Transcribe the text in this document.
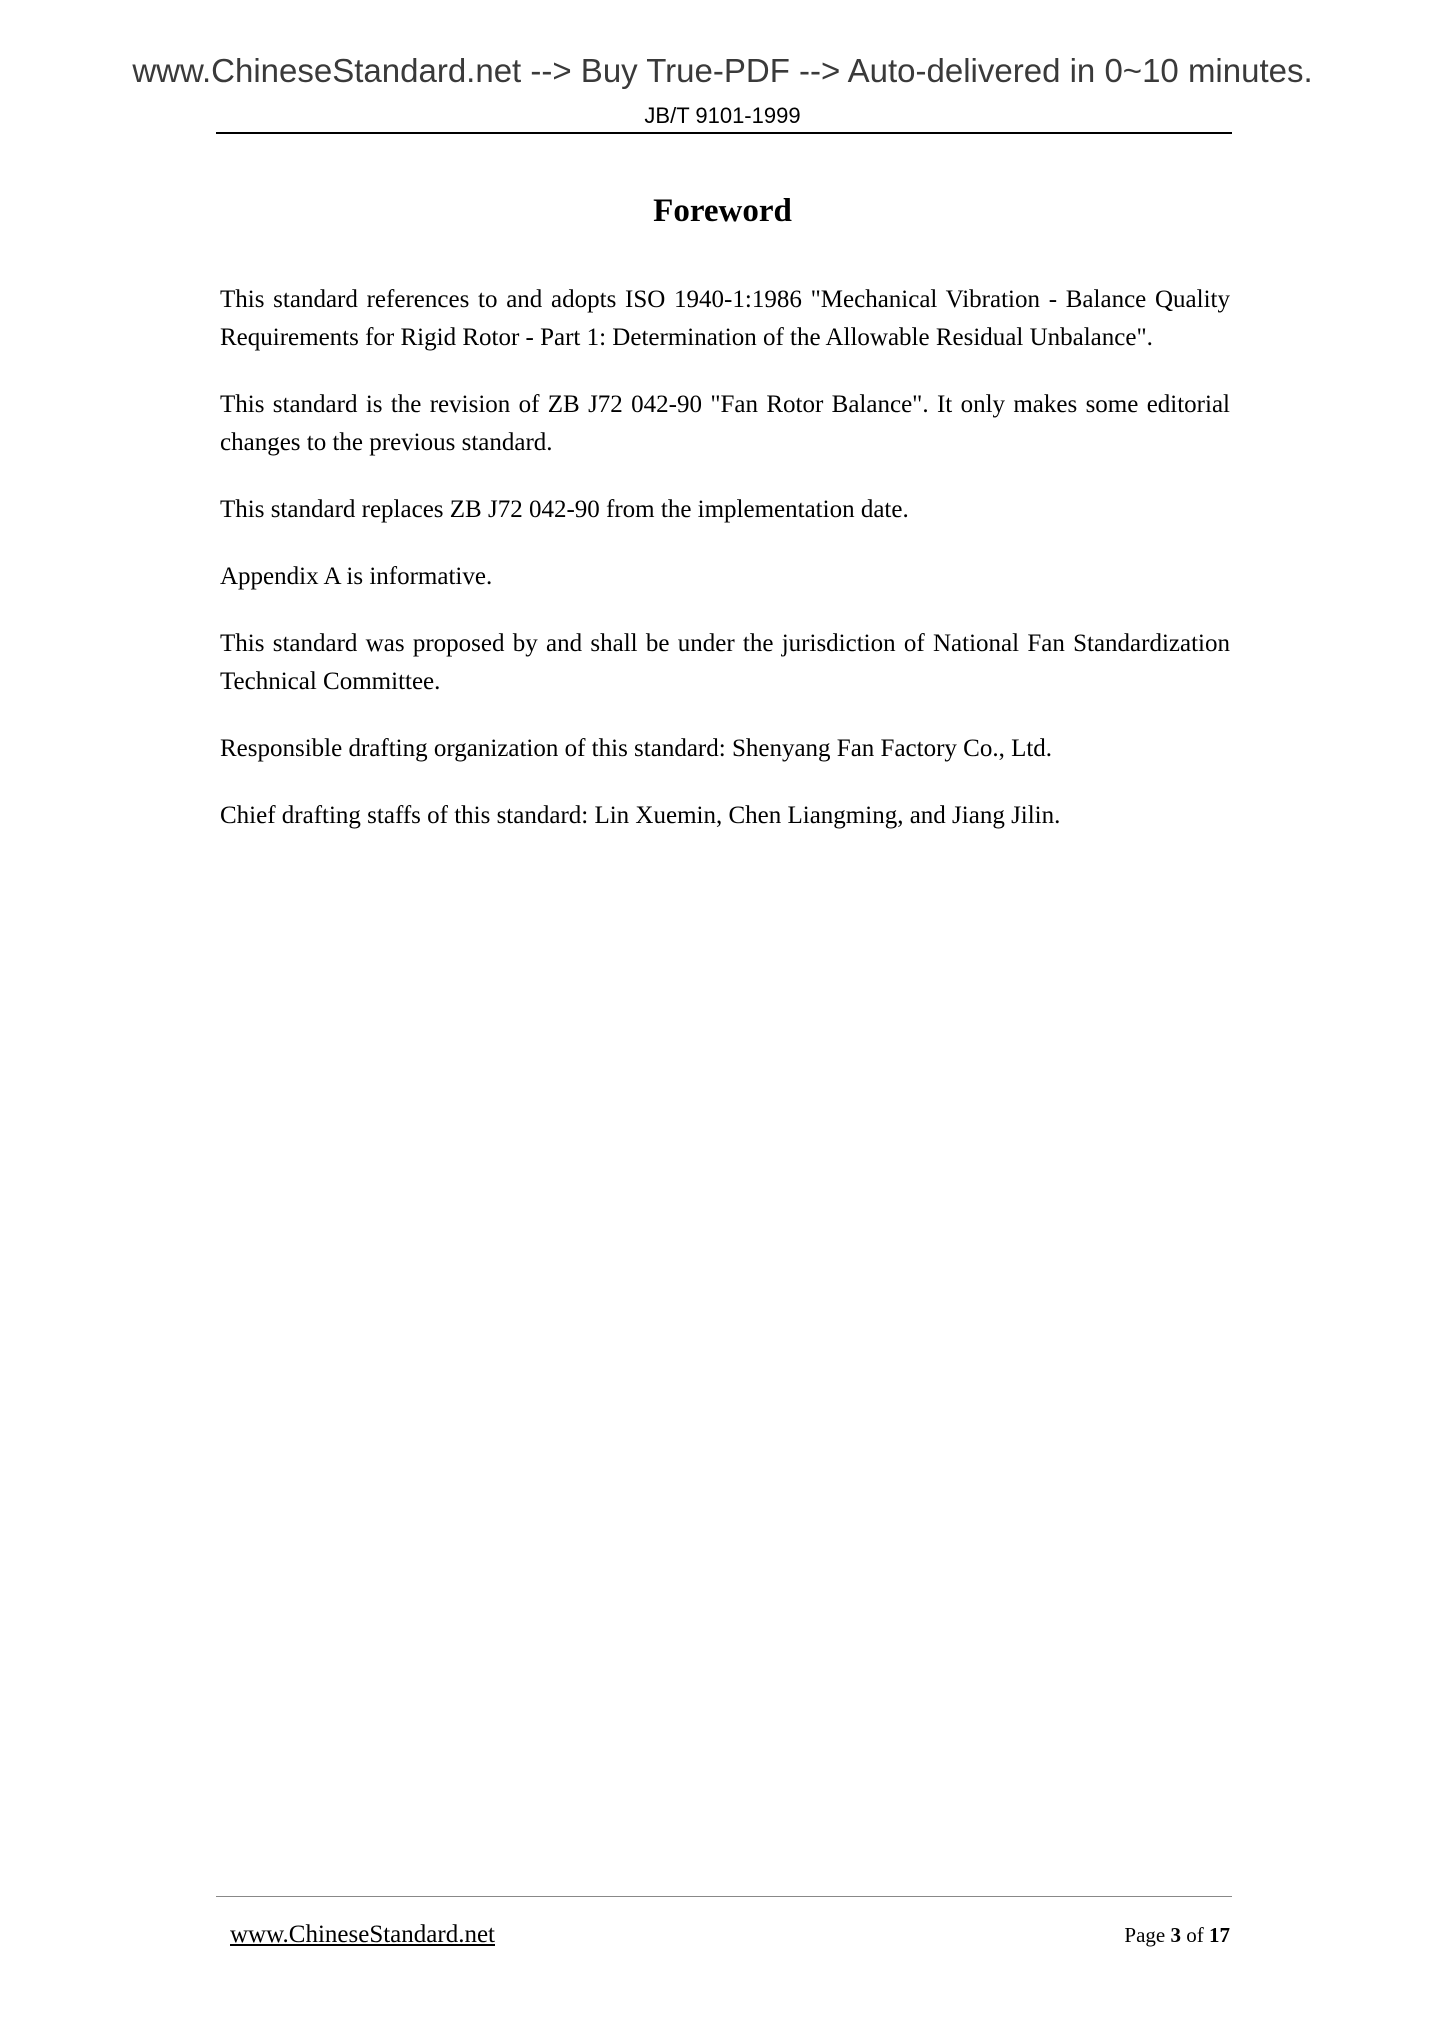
www.ChineseStandard.net --> Buy True-PDF --> Auto-delivered in 0~10 minutes.
JB/T 9101-1999
Foreword

This standard references to and adopts ISO 1940-1:1986 "Mechanical Vibration - Balance Quality Requirements for Rigid Rotor - Part 1: Determination of the Allowable Residual Unbalance".

This standard is the revision of ZB J72 042-90 "Fan Rotor Balance". It only makes some editorial changes to the previous standard.

This standard replaces ZB J72 042-90 from the implementation date.

Appendix A is informative.

This standard was proposed by and shall be under the jurisdiction of National Fan Standardization Technical Committee.

Responsible drafting organization of this standard: Shenyang Fan Factory Co., Ltd.

Chief drafting staffs of this standard: Lin Xuemin, Chen Liangming, and Jiang Jilin.

www.ChineseStandard.net	Page 3 of 17
